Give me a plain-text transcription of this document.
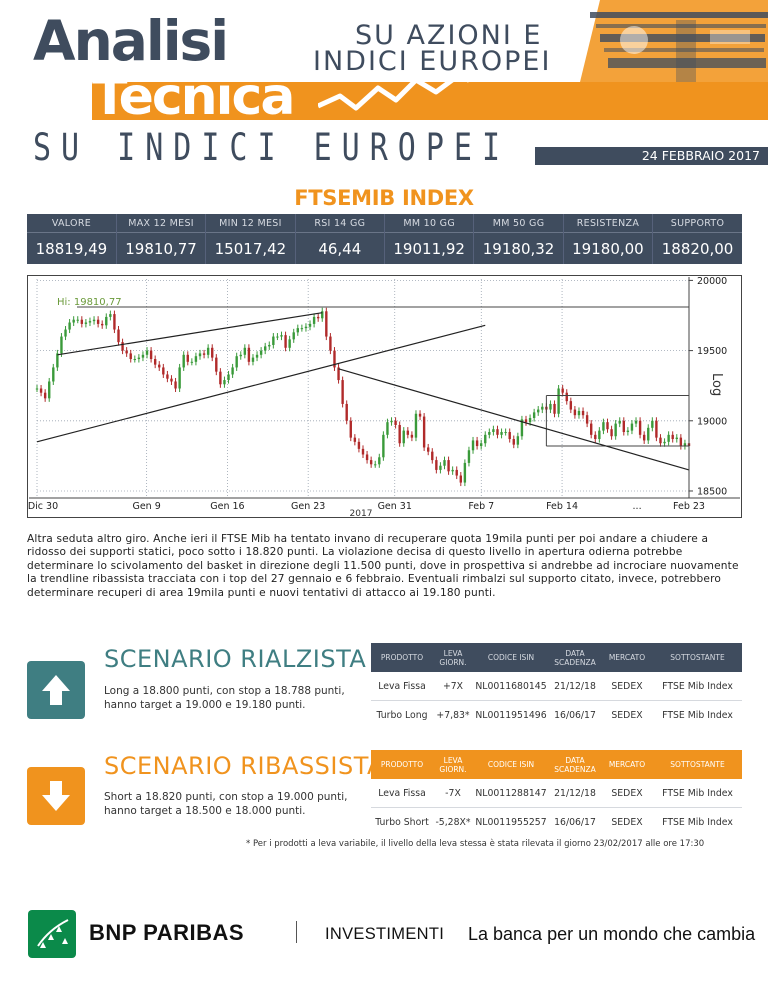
Analisi
Tecnica
SU AZIONI E
INDICI EUROPEI
SU INDICI EUROPEI	24 FEBBRAIO 2017
FTSEMIB INDEX
VALORE	MAX 12 MESI	MIN 12 MESI	RSI 14 GG	MM 10 GG	MM 50 GG	RESISTENZA	SUPPORTO
18819,49	19810,77	15017,42	46,44	19011,92	19180,32	19180,00	18820,00
20000
19500
19000
18500
Dic 30	Gen 9	Gen 16	Gen 23	Gen 31	Feb 7	Feb 14	...	Feb 23
Hi: 19810,77
Log
2017
Altra seduta altro giro. Anche ieri il FTSE Mib ha tentato invano di recuperare quota 19mila punti per poi andare a chiudere a ridosso dei supporti statici, poco sotto i 18.820 punti. La violazione decisa di questo livello in apertura odierna potrebbe determinare lo scivolamento del basket in direzione degli 11.500 punti, dove in prospettiva si andrebbe ad incrociare nuovamente la trendline ribassista tracciata con i top del 27 gennaio e 6 febbraio. Eventuali rimbalzi sul supporto citato, invece, potrebbero determinare recuperi di area 19mila punti e nuovi tentativi di attacco ai 19.180 punti.
SCENARIO RIALZISTA
Long a 18.800 punti, con stop a 18.788 punti, hanno target a 19.000 e 19.180 punti.
PRODOTTO	LEVA GIORN.	CODICE ISIN	DATA SCADENZA	MERCATO	SOTTOSTANTE
Leva Fissa	+7X	NL0011680145	21/12/18	SEDEX	FTSE Mib Index
Turbo Long	+7,83*	NL0011951496	16/06/17	SEDEX	FTSE Mib Index
SCENARIO RIBASSISTA
Short a 18.820 punti, con stop a 19.000 punti, hanno target a 18.500 e 18.000 punti.
PRODOTTO	LEVA GIORN.	CODICE ISIN	DATA SCADENZA	MERCATO	SOTTOSTANTE
Leva Fissa	-7X	NL0011288147	21/12/18	SEDEX	FTSE Mib Index
Turbo Short	-5,28X*	NL0011955257	16/06/17	SEDEX	FTSE Mib Index
* Per i prodotti a leva variabile, il livello della leva stessa è stata rilevata il giorno 23/02/2017 alle ore 17:30
BNP PARIBAS	INVESTIMENTI La banca per un mondo che cambia
